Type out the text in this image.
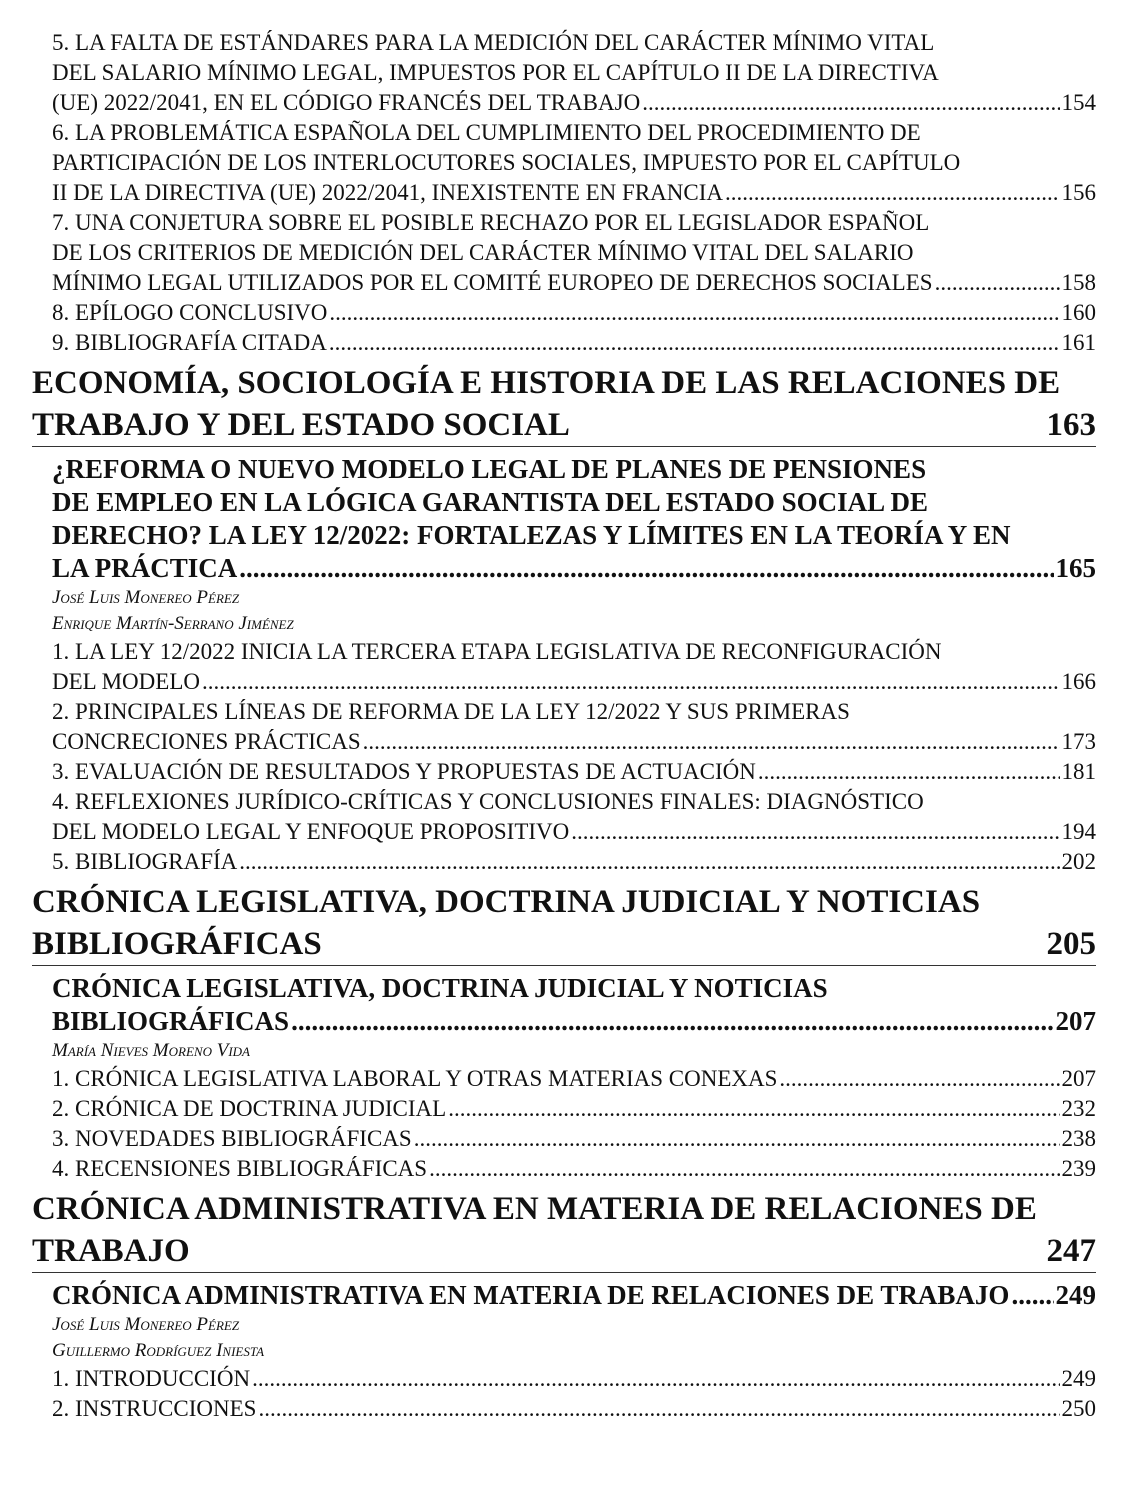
5. LA FALTA DE ESTÁNDARES PARA LA MEDICIÓN DEL CARÁCTER MÍNIMO VITAL
DEL SALARIO MÍNIMO LEGAL, IMPUESTOS POR EL CAPÍTULO II DE LA DIRECTIVA
(UE) 2022/2041, EN EL CÓDIGO FRANCÉS DEL TRABAJO .....	154
6. LA PROBLEMÁTICA ESPAÑOLA DEL CUMPLIMIENTO DEL PROCEDIMIENTO DE
PARTICIPACIÓN DE LOS INTERLOCUTORES SOCIALES, IMPUESTO POR EL CAPÍTULO
II DE LA DIRECTIVA (UE) 2022/2041, INEXISTENTE EN FRANCIA .....	156
7. UNA CONJETURA SOBRE EL POSIBLE RECHAZO POR EL LEGISLADOR ESPAÑOL
DE LOS CRITERIOS DE MEDICIÓN DEL CARÁCTER MÍNIMO VITAL DEL SALARIO
MÍNIMO LEGAL UTILIZADOS POR EL COMITÉ EUROPEO DE DERECHOS SOCIALES .....	158
8. EPÍLOGO CONCLUSIVO .....	160
9. BIBLIOGRAFÍA CITADA .....	161
ECONOMÍA, SOCIOLOGÍA E HISTORIA DE LAS RELACIONES DE
TRABAJO Y DEL ESTADO SOCIAL	163
¿REFORMA O NUEVO MODELO LEGAL DE PLANES DE PENSIONES
DE EMPLEO EN LA LÓGICA GARANTISTA DEL ESTADO SOCIAL DE
DERECHO? LA LEY 12/2022: FORTALEZAS Y LÍMITES EN LA TEORÍA Y EN
LA PRÁCTICA .....	165
José Luis Monereo Pérez
Enrique Martín-Serrano Jiménez
1. LA LEY 12/2022 INICIA LA TERCERA ETAPA LEGISLATIVA DE RECONFIGURACIÓN
DEL MODELO .....	166
2. PRINCIPALES LÍNEAS DE REFORMA DE LA LEY 12/2022 Y SUS PRIMERAS
CONCRECIONES PRÁCTICAS .....	173
3. EVALUACIÓN DE RESULTADOS Y PROPUESTAS DE ACTUACIÓN .....	181
4. REFLEXIONES JURÍDICO-CRÍTICAS Y CONCLUSIONES FINALES: DIAGNÓSTICO
DEL MODELO LEGAL Y ENFOQUE PROPOSITIVO .....	194
5. BIBLIOGRAFÍA .....	202
CRÓNICA LEGISLATIVA, DOCTRINA JUDICIAL Y NOTICIAS
BIBLIOGRÁFICAS	205
CRÓNICA LEGISLATIVA, DOCTRINA JUDICIAL Y NOTICIAS
BIBLIOGRÁFICAS .....	207
María Nieves Moreno Vida
1. CRÓNICA LEGISLATIVA LABORAL Y OTRAS MATERIAS CONEXAS .....	207
2. CRÓNICA DE DOCTRINA JUDICIAL .....	232
3. NOVEDADES BIBLIOGRÁFICAS .....	238
4. RECENSIONES BIBLIOGRÁFICAS .....	239
CRÓNICA ADMINISTRATIVA EN MATERIA DE RELACIONES DE
TRABAJO	247
CRÓNICA ADMINISTRATIVA EN MATERIA DE RELACIONES DE TRABAJO ..... 249
José Luis Monereo Pérez
Guillermo Rodríguez Iniesta
1. INTRODUCCIÓN .....	249
2. INSTRUCCIONES .....	250
